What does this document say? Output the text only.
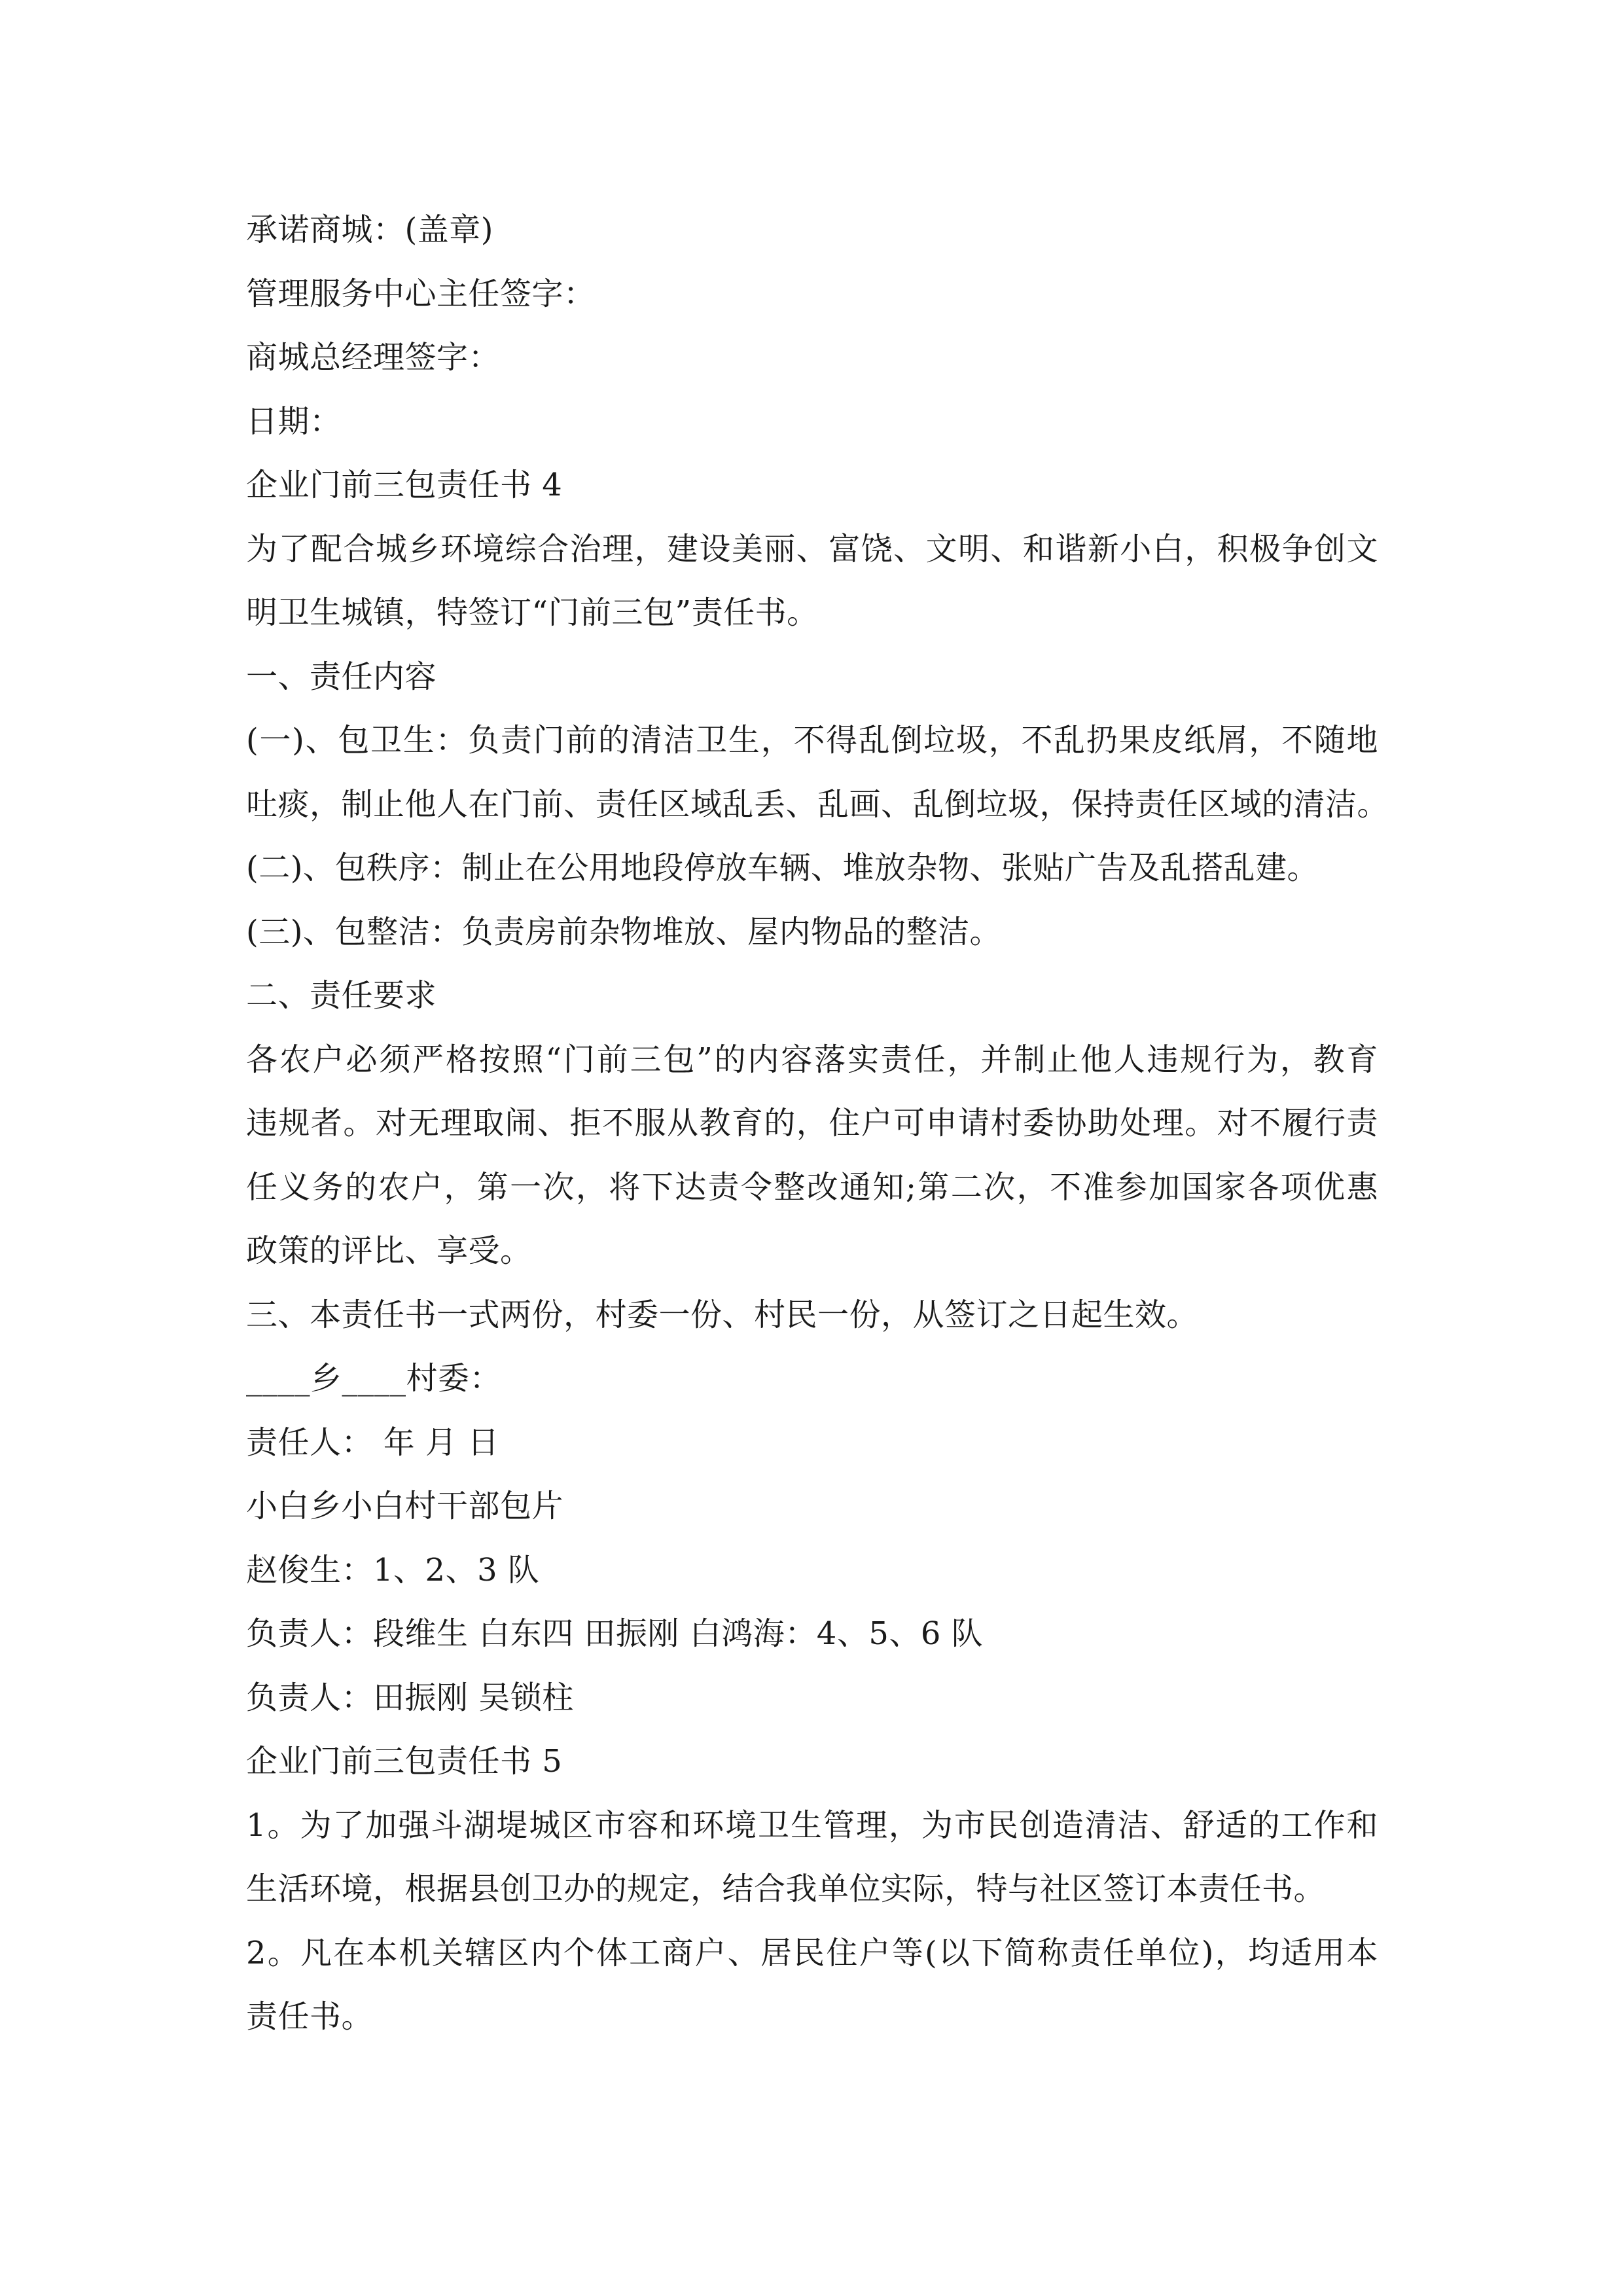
承诺商城：(盖章)
管理服务中心主任签字：
商城总经理签字：
日期：
企业门前三包责任书 4
为了配合城乡环境综合治理，建设美丽、富饶、文明、和谐新小白，积极争创文
明卫生城镇，特签订“门前三包”责任书。
一、责任内容
(一)、包卫生：负责门前的清洁卫生，不得乱倒垃圾，不乱扔果皮纸屑，不随地
吐痰，制止他人在门前、责任区域乱丢、乱画、乱倒垃圾，保持责任区域的清洁。
(二)、包秩序：制止在公用地段停放车辆、堆放杂物、张贴广告及乱搭乱建。
(三)、包整洁：负责房前杂物堆放、屋内物品的整洁。
二、责任要求
各农户必须严格按照“门前三包”的内容落实责任，并制止他人违规行为，教育
违规者。对无理取闹、拒不服从教育的，住户可申请村委协助处理。对不履行责
任义务的农户，第一次，将下达责令整改通知;第二次，不准参加国家各项优惠
政策的评比、享受。
三、本责任书一式两份，村委一份、村民一份，从签订之日起生效。
____乡____村委：
责任人： 年 月 日
小白乡小白村干部包片
赵俊生：1、2、3 队
负责人：段维生 白东四 田振刚 白鸿海：4、5、6 队
负责人：田振刚 吴锁柱
企业门前三包责任书 5
1。为了加强斗湖堤城区市容和环境卫生管理，为市民创造清洁、舒适的工作和
生活环境，根据县创卫办的规定，结合我单位实际，特与社区签订本责任书。
2。凡在本机关辖区内个体工商户、居民住户等(以下简称责任单位)，均适用本
责任书。
